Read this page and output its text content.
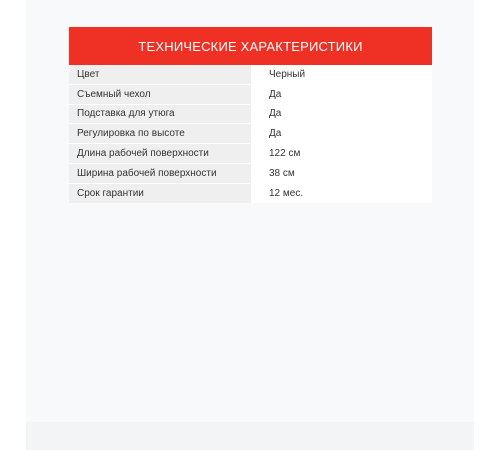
ТЕХНИЧЕСКИЕ ХАРАКТЕРИСТИКИ
Цвет	Черный
Съемный чехол	Да
Подставка для утюга	Да
Регулировка по высоте	Да
Длина рабочей поверхности	122 см
Ширина рабочей поверхности	38 см
Срок гарантии	12 мес.
